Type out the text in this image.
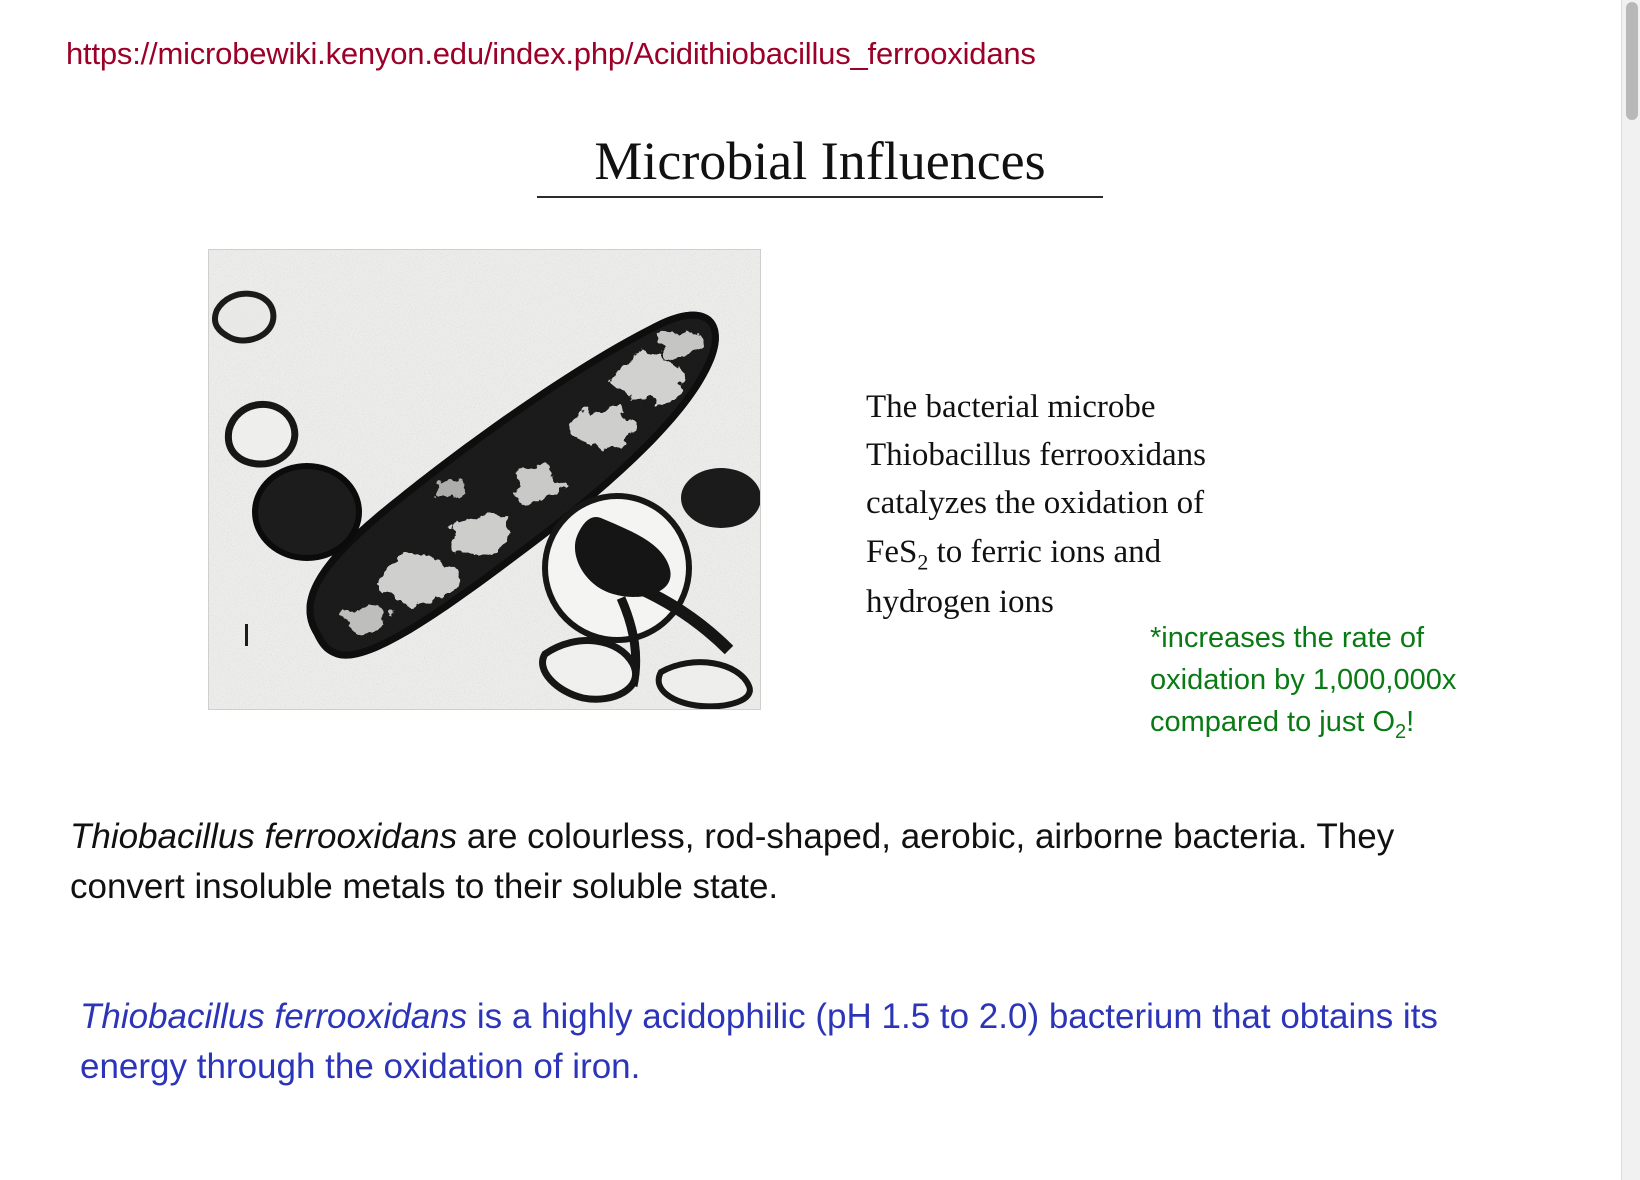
https://microbewiki.kenyon.edu/index.php/Acidithiobacillus_ferrooxidans
Microbial Influences
The bacterial microbe
Thiobacillus ferrooxidans
catalyzes the oxidation of
FeS$_2$ to ferric ions and
hydrogen ions
*increases the rate of
oxidation by 1,000,000x
compared to just $O_2$!
Thiobacillus ferrooxidans are colourless, rod-shaped, aerobic, airborne bacteria. They convert insoluble metals to their soluble state.
Thiobacillus ferrooxidans is a highly acidophilic (pH 1.5 to 2.0) bacterium that obtains its energy through the oxidation of iron.
